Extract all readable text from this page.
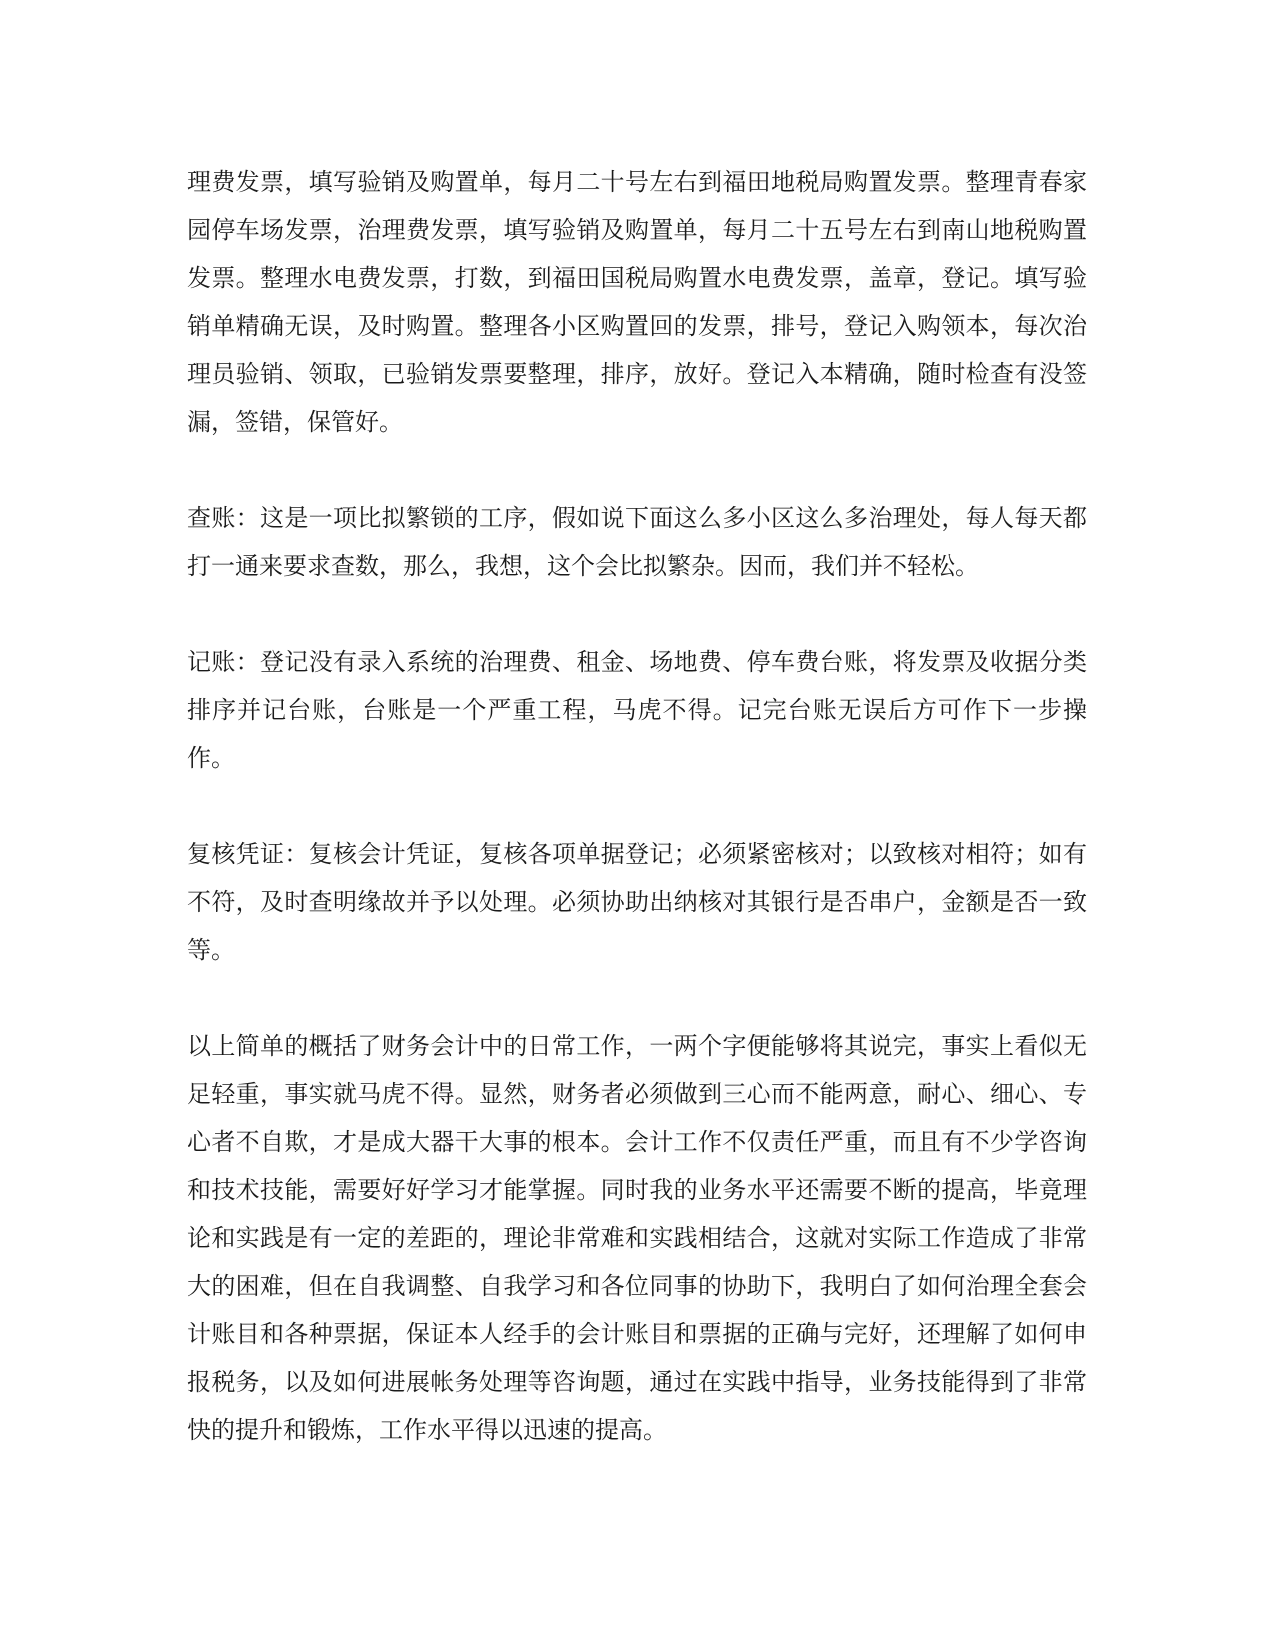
理费发票，填写验销及购置单，每月二十号左右到福田地税局购置发票。整理青春家园停车场发票，治理费发票，填写验销及购置单，每月二十五号左右到南山地税购置发票。整理水电费发票，打数，到福田国税局购置水电费发票，盖章，登记。填写验销单精确无误，及时购置。整理各小区购置回的发票，排号，登记入购领本，每次治理员验销、领取，已验销发票要整理，排序，放好。登记入本精确，随时检查有没签漏，签错，保管好。

查账：这是一项比拟繁锁的工序，假如说下面这么多小区这么多治理处，每人每天都打一通来要求查数，那么，我想，这个会比拟繁杂。因而，我们并不轻松。

记账：登记没有录入系统的治理费、租金、场地费、停车费台账，将发票及收据分类排序并记台账，台账是一个严重工程，马虎不得。记完台账无误后方可作下一步操作。

复核凭证：复核会计凭证，复核各项单据登记；必须紧密核对；以致核对相符；如有不符，及时查明缘故并予以处理。必须协助出纳核对其银行是否串户，金额是否一致等。

以上简单的概括了财务会计中的日常工作，一两个字便能够将其说完，事实上看似无足轻重，事实就马虎不得。显然，财务者必须做到三心而不能两意，耐心、细心、专心者不自欺，才是成大器干大事的根本。会计工作不仅责任严重，而且有不少学咨询和技术技能，需要好好学习才能掌握。同时我的业务水平还需要不断的提高，毕竟理论和实践是有一定的差距的，理论非常难和实践相结合，这就对实际工作造成了非常大的困难，但在自我调整、自我学习和各位同事的协助下，我明白了如何治理全套会计账目和各种票据，保证本人经手的会计账目和票据的正确与完好，还理解了如何申报税务，以及如何进展帐务处理等咨询题，通过在实践中指导，业务技能得到了非常快的提升和锻炼，工作水平得以迅速的提高。
